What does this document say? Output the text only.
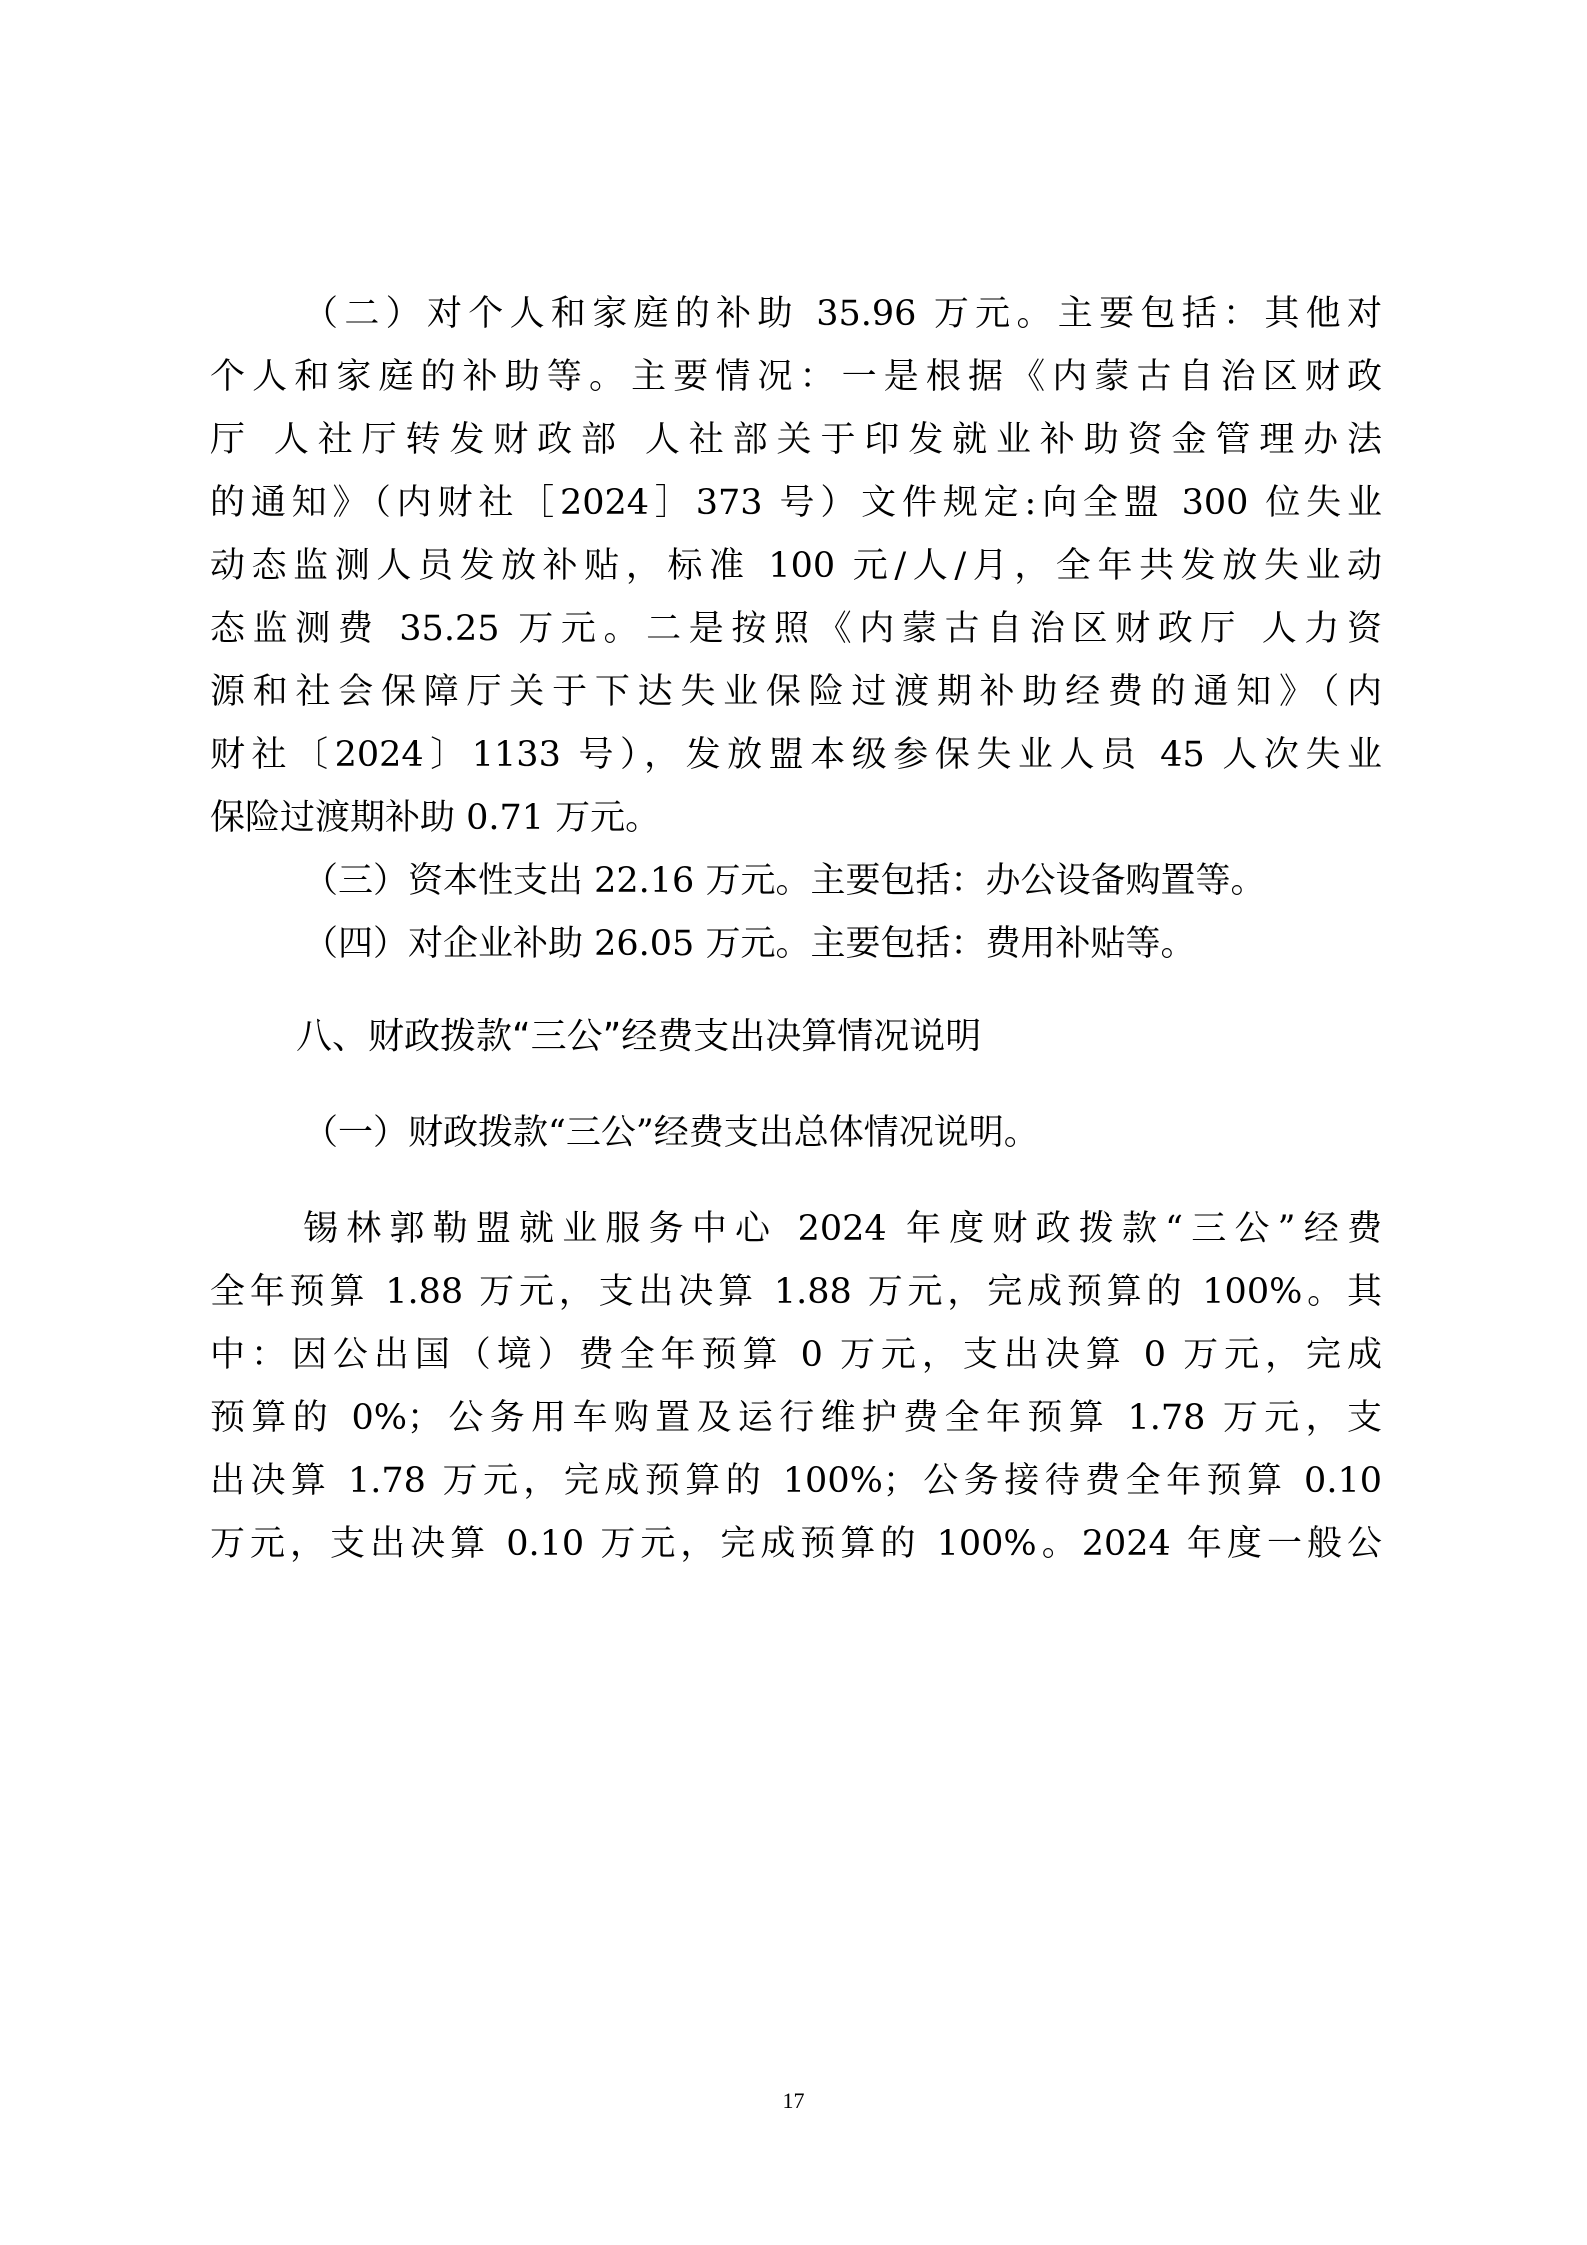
（二）对个人和家庭的补助 35.96 万元。主要包括：其他对
个人和家庭的补助等。主要情况：一是根据《内蒙古自治区财政
厅 人社厅转发财政部 人社部关于印发就业补助资金管理办法
的通知》（内财社［2024］373 号）文件规定:向全盟 300 位失业
动态监测人员发放补贴，标准 100 元/人/月，全年共发放失业动
态监测费 35.25 万元。二是按照《内蒙古自治区财政厅 人力资
源和社会保障厅关于下达失业保险过渡期补助经费的通知》（内
财社〔2024〕1133 号），发放盟本级参保失业人员 45 人次失业
保险过渡期补助 0.71 万元。
（三）资本性支出 22.16 万元。主要包括：办公设备购置等。
（四）对企业补助 26.05 万元。主要包括：费用补贴等。
八、财政拨款“三公”经费支出决算情况说明
（一）财政拨款“三公”经费支出总体情况说明。
锡林郭勒盟就业服务中心 2024 年度财政拨款“三公”经费
全年预算 1.88 万元，支出决算 1.88 万元，完成预算的 100%。其
中：因公出国（境）费全年预算 0 万元，支出决算 0 万元，完成
预算的 0%；公务用车购置及运行维护费全年预算 1.78 万元，支
出决算 1.78 万元，完成预算的 100%；公务接待费全年预算 0.10
万元，支出决算 0.10 万元，完成预算的 100%。2024 年度一般公
17
